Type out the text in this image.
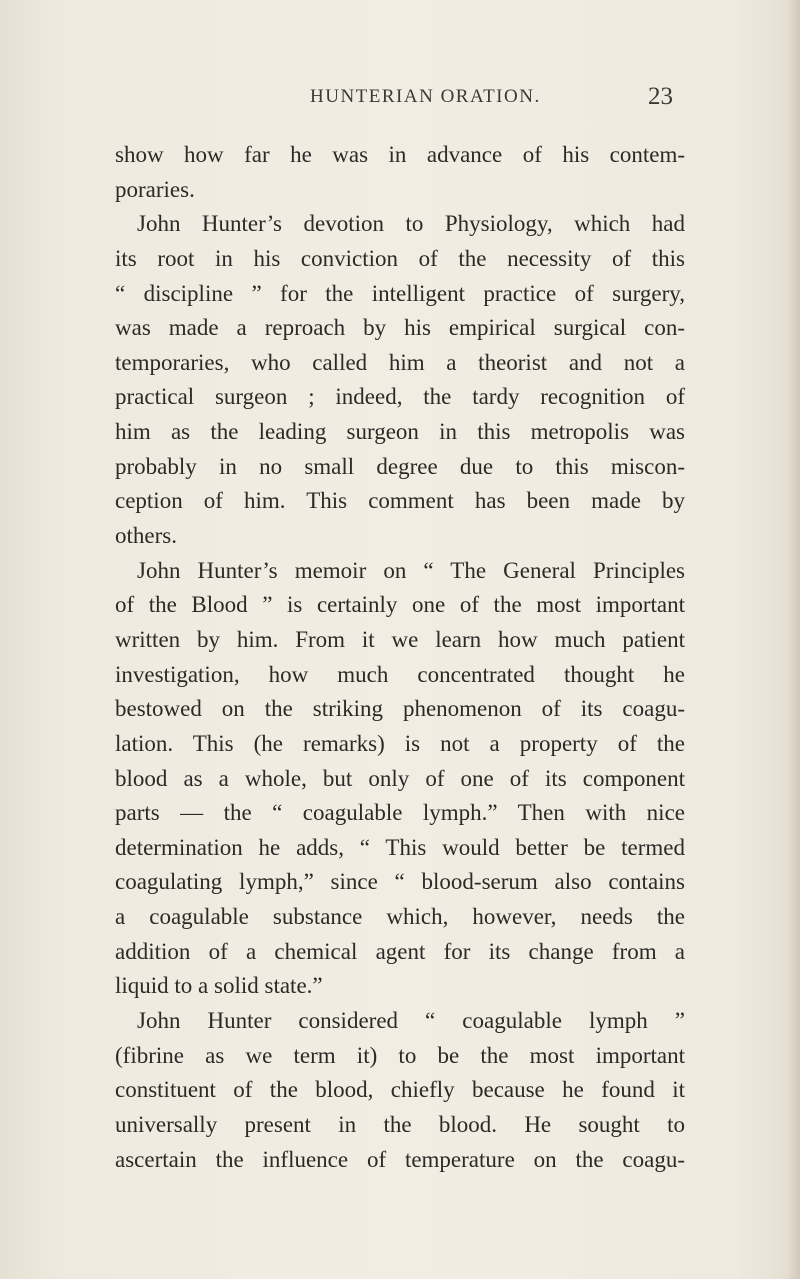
HUNTERIAN ORATION.	23
show how far he was in advance of his contem-
poraries.
John Hunter’s devotion to Physiology, which had
its root in his conviction of the necessity of this
“ discipline ” for the intelligent practice of surgery,
was made a reproach by his empirical surgical con-
temporaries, who called him a theorist and not a
practical surgeon ; indeed, the tardy recognition of
him as the leading surgeon in this metropolis was
probably in no small degree due to this miscon-
ception of him. This comment has been made by
others.
John Hunter’s memoir on “ The General Principles
of the Blood ” is certainly one of the most important
written by him. From it we learn how much patient
investigation, how much concentrated thought he
bestowed on the striking phenomenon of its coagu-
lation. This (he remarks) is not a property of the
blood as a whole, but only of one of its component
parts — the “ coagulable lymph.” Then with nice
determination he adds, “ This would better be termed
coagulating lymph,” since “ blood-serum also contains
a coagulable substance which, however, needs the
addition of a chemical agent for its change from a
liquid to a solid state.”
John Hunter considered “ coagulable lymph ”
(fibrine as we term it) to be the most important
constituent of the blood, chiefly because he found it
universally present in the blood. He sought to
ascertain the influence of temperature on the coagu-
